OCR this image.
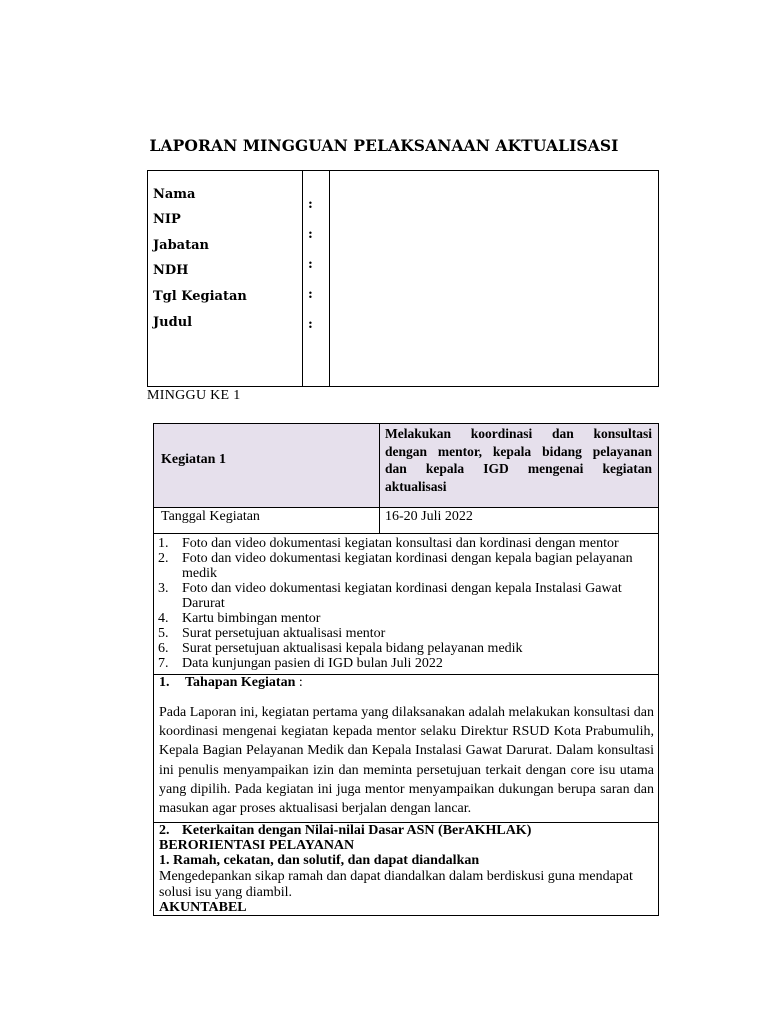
LAPORAN MINGGUAN PELAKSANAAN AKTUALISASI
Nama
NIP
Jabatan
NDH
Tgl Kegiatan
Judul
:
:
:
:
:
MINGGU KE 1
Kegiatan 1
Melakukan koordinasi dan konsultasi
dengan mentor, kepala bidang pelayanan
dan kepala IGD mengenai kegiatan
aktualisasi
Tanggal Kegiatan	16-20 Juli 2022
1. Foto dan video dokumentasi kegiatan konsultasi dan kordinasi dengan mentor
2. Foto dan video dokumentasi kegiatan kordinasi dengan kepala bagian pelayanan medik
3. Foto dan video dokumentasi kegiatan kordinasi dengan kepala Instalasi Gawat Darurat
4. Kartu bimbingan mentor
5. Surat persetujuan aktualisasi mentor
6. Surat persetujuan aktualisasi kepala bidang pelayanan medik
7. Data kunjungan pasien di IGD bulan Juli 2022
1. Tahapan Kegiatan :
Pada Laporan ini, kegiatan pertama yang dilaksanakan adalah melakukan konsultasi dan koordinasi mengenai kegiatan kepada mentor selaku Direktur RSUD Kota Prabumulih, Kepala Bagian Pelayanan Medik dan Kepala Instalasi Gawat Darurat. Dalam konsultasi ini penulis menyampaikan izin dan meminta persetujuan terkait dengan core isu utama yang dipilih. Pada kegiatan ini juga mentor menyampaikan dukungan berupa saran dan masukan agar proses aktualisasi berjalan dengan lancar.
2. Keterkaitan dengan Nilai-nilai Dasar ASN (BerAKHLAK)
BERORIENTASI PELAYANAN
1. Ramah, cekatan, dan solutif, dan dapat diandalkan
Mengedepankan sikap ramah dan dapat diandalkan dalam berdiskusi guna mendapat
solusi isu yang diambil.
AKUNTABEL
